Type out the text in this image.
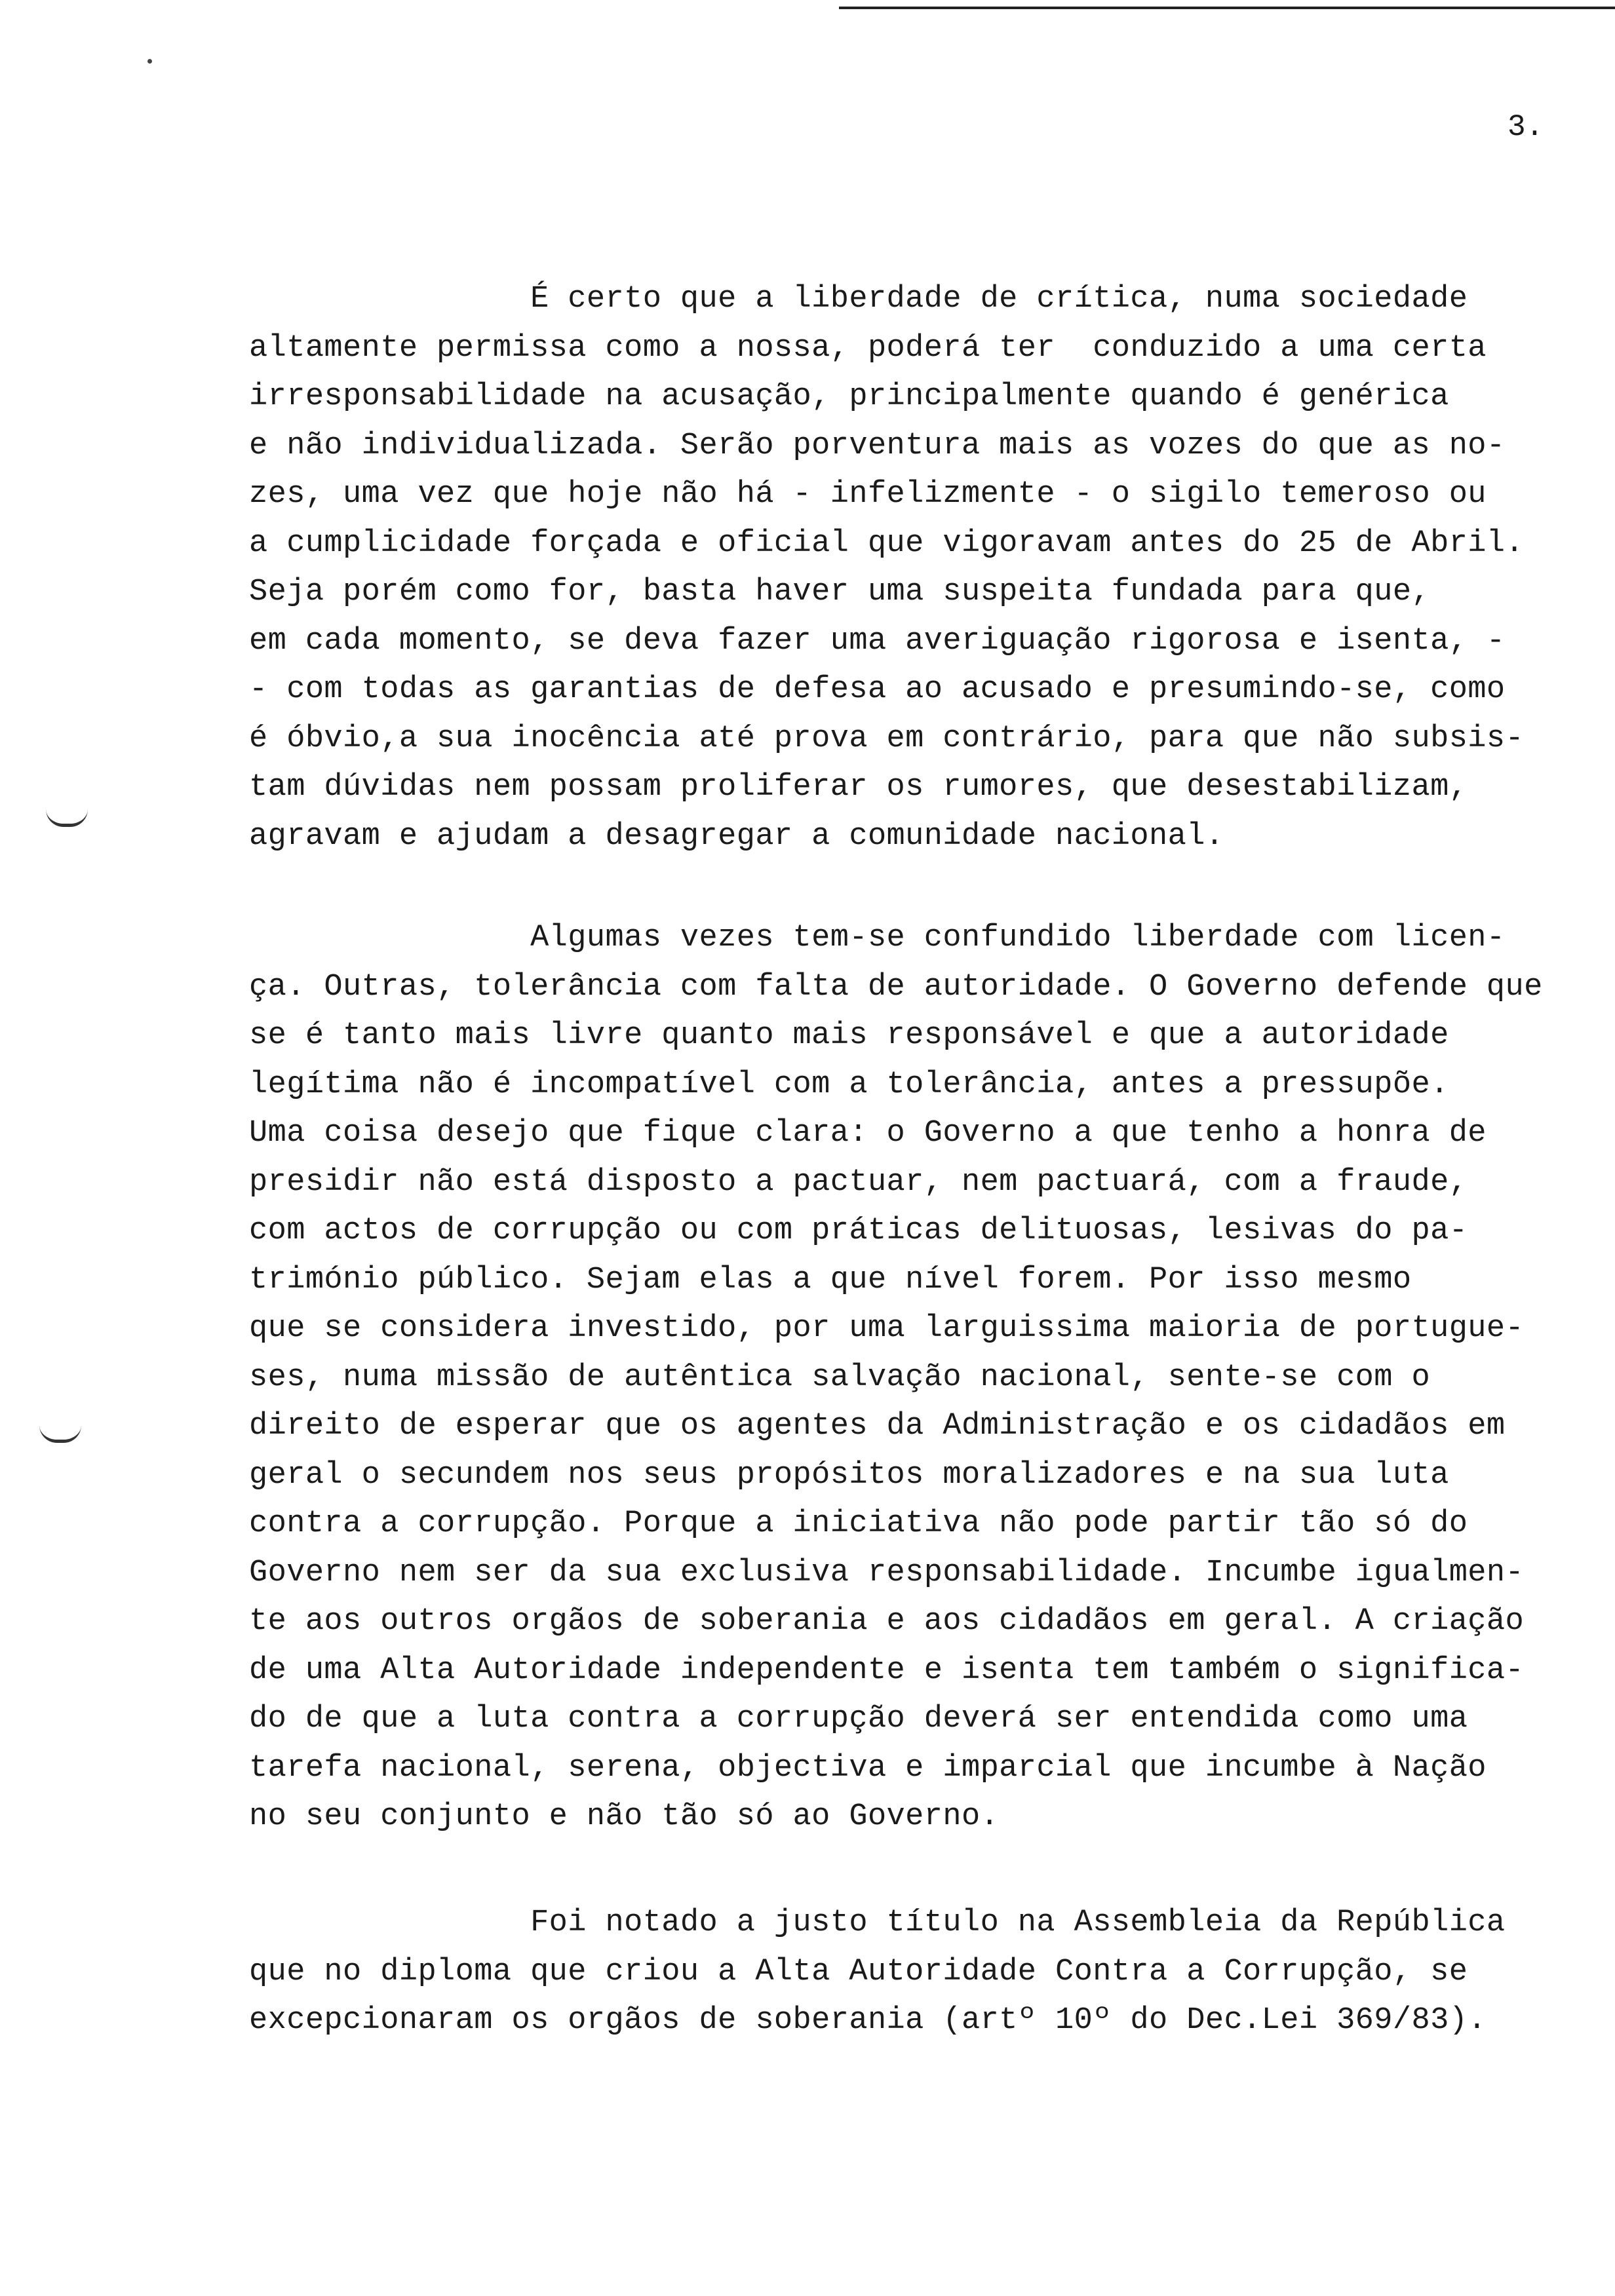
3.

É certo que a liberdade de crítica, numa sociedade
altamente permissa como a nossa, poderá ter  conduzido a uma certa
irresponsabilidade na acusação, principalmente quando é genérica
e não individualizada. Serão porventura mais as vozes do que as no-
zes, uma vez que hoje não há - infelizmente - o sigilo temeroso ou
a cumplicidade forçada e oficial que vigoravam antes do 25 de Abril.
Seja porém como for, basta haver uma suspeita fundada para que,
em cada momento, se deva fazer uma averiguação rigorosa e isenta, -
- com todas as garantias de defesa ao acusado e presumindo-se, como
é óbvio,a sua inocência até prova em contrário, para que não subsis-
tam dúvidas nem possam proliferar os rumores, que desestabilizam,
agravam e ajudam a desagregar a comunidade nacional.

Algumas vezes tem-se confundido liberdade com licen-
ça. Outras, tolerância com falta de autoridade. O Governo defende que
se é tanto mais livre quanto mais responsável e que a autoridade
legítima não é incompatível com a tolerância, antes a pressupõe.
Uma coisa desejo que fique clara: o Governo a que tenho a honra de
presidir não está disposto a pactuar, nem pactuará, com a fraude,
com actos de corrupção ou com práticas delituosas, lesivas do pa-
trimónio público. Sejam elas a que nível forem. Por isso mesmo
que se considera investido, por uma larguissima maioria de portugue-
ses, numa missão de autêntica salvação nacional, sente-se com o
direito de esperar que os agentes da Administração e os cidadãos em
geral o secundem nos seus propósitos moralizadores e na sua luta
contra a corrupção. Porque a iniciativa não pode partir tão só do
Governo nem ser da sua exclusiva responsabilidade. Incumbe igualmen-
te aos outros orgãos de soberania e aos cidadãos em geral. A criação
de uma Alta Autoridade independente e isenta tem também o significa-
do de que a luta contra a corrupção deverá ser entendida como uma
tarefa nacional, serena, objectiva e imparcial que incumbe à Nação
no seu conjunto e não tão só ao Governo.

Foi notado a justo título na Assembleia da República
que no diploma que criou a Alta Autoridade Contra a Corrupção, se
excepcionaram os orgãos de soberania (artº 10º do Dec.Lei 369/83).
